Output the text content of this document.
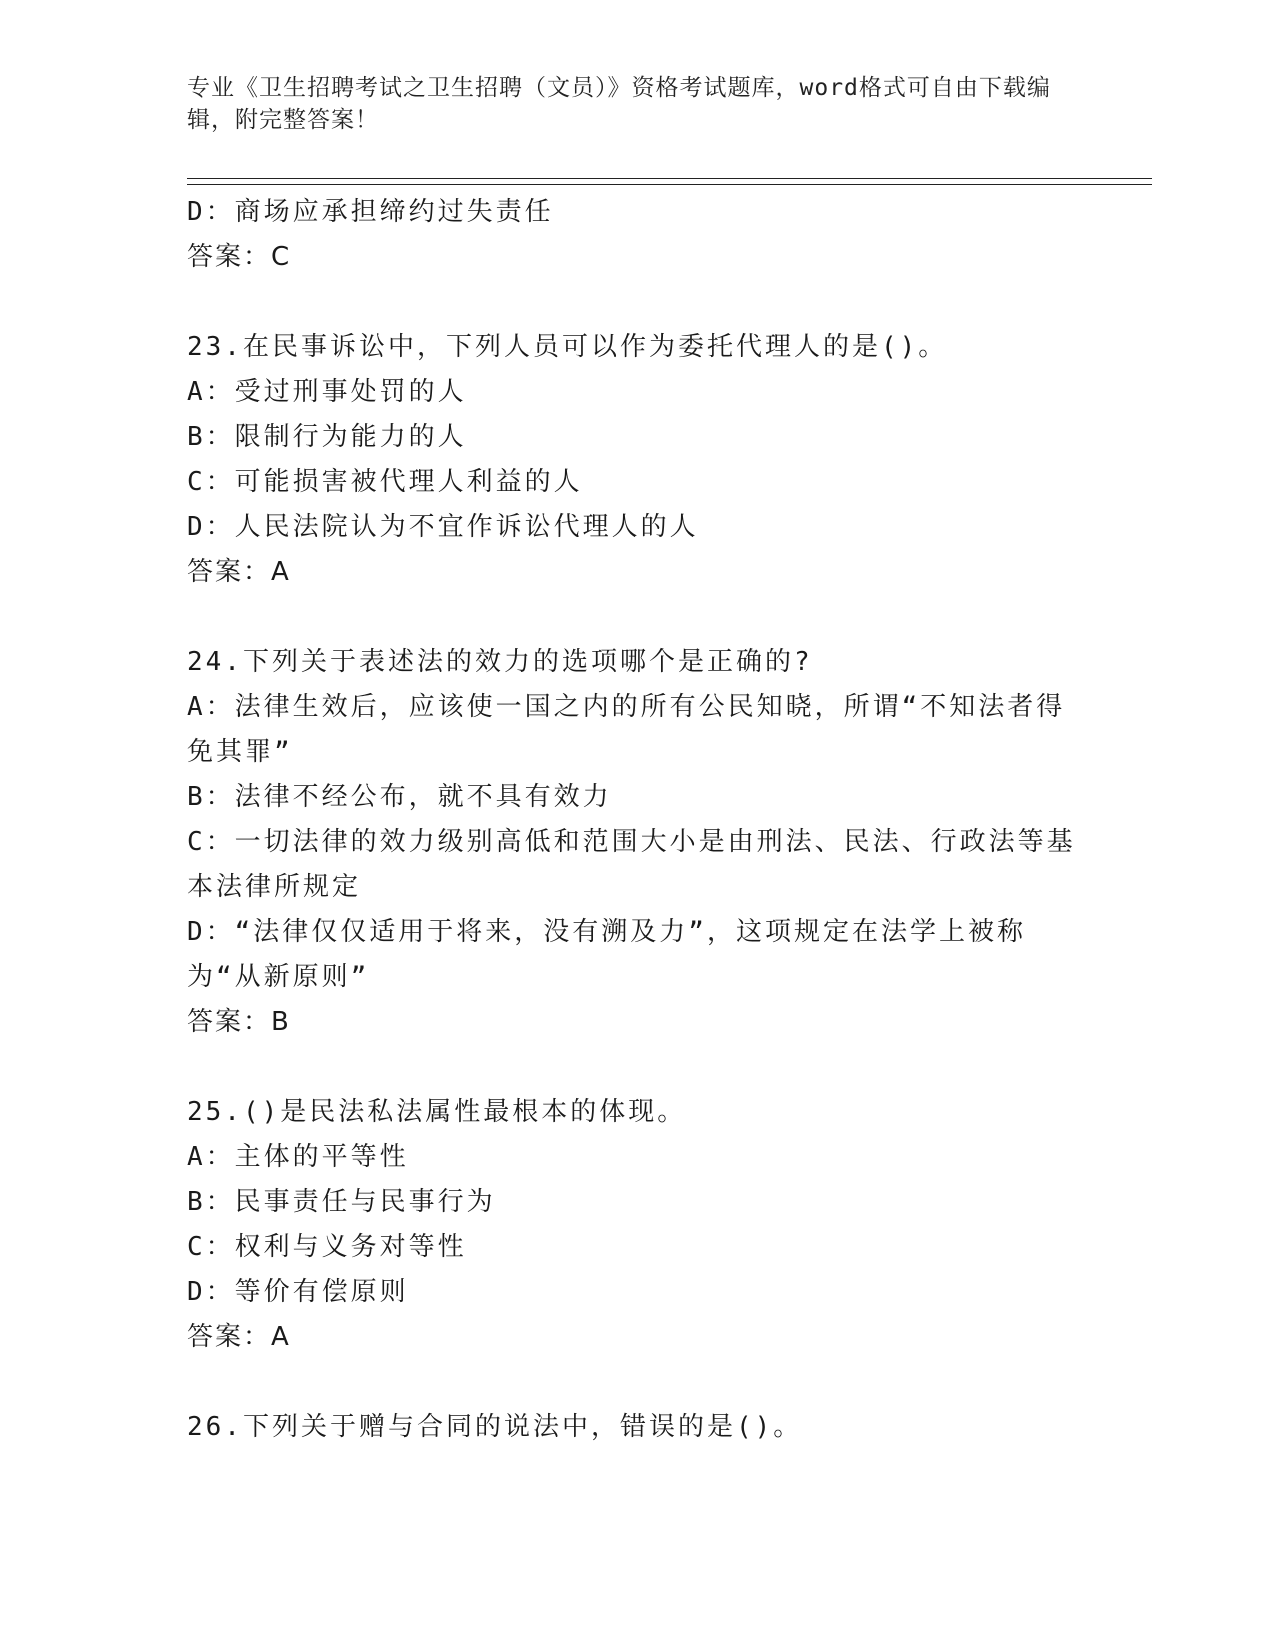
专业《卫生招聘考试之卫生招聘（文员）》资格考试题库，word格式可自由下载编辑，附完整答案！
D：商场应承担缔约过失责任
答案：C
23.在民事诉讼中，下列人员可以作为委托代理人的是()。
A：受过刑事处罚的人
B：限制行为能力的人
C：可能损害被代理人利益的人
D：人民法院认为不宜作诉讼代理人的人
答案：A
24.下列关于表述法的效力的选项哪个是正确的?
A：法律生效后，应该使一国之内的所有公民知晓，所谓“不知法者得免其罪”
B：法律不经公布，就不具有效力
C：一切法律的效力级别高低和范围大小是由刑法、民法、行政法等基本法律所规定
D：“法律仅仅适用于将来，没有溯及力”，这项规定在法学上被称为“从新原则”
答案：B
25.()是民法私法属性最根本的体现。
A：主体的平等性
B：民事责任与民事行为
C：权利与义务对等性
D：等价有偿原则
答案：A
26.下列关于赠与合同的说法中，错误的是()。
